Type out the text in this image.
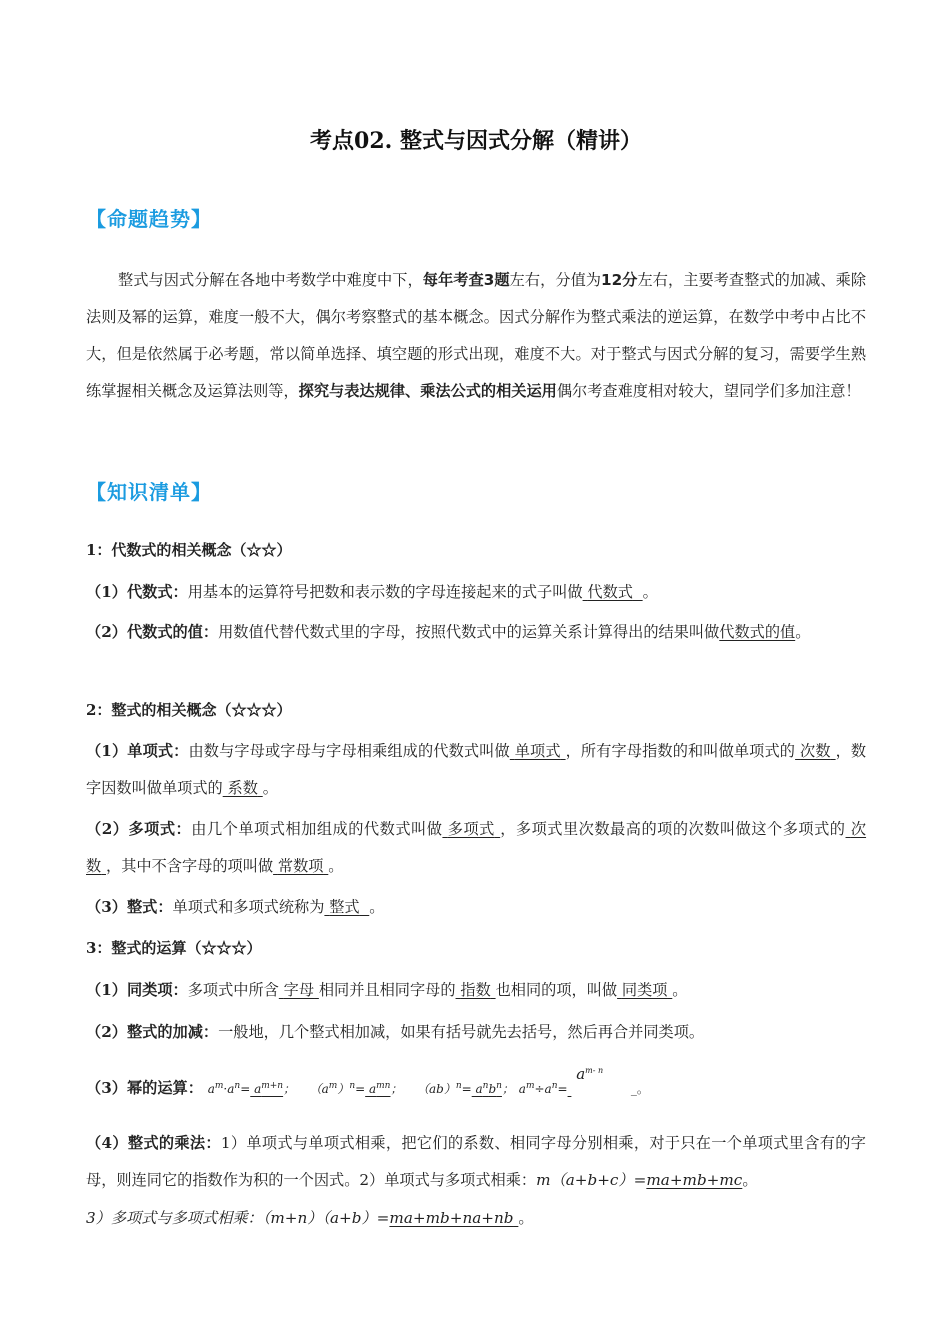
考点02. 整式与因式分解（精讲）
【命题趋势】
整式与因式分解在各地中考数学中难度中下，每年考查3题左右，分值为12分左右，主要考查整式的加减、乘除法则及幂的运算，难度一般不大，偶尔考察整式的基本概念。因式分解作为整式乘法的逆运算，在数学中考中占比不大，但是依然属于必考题，常以简单选择、填空题的形式出现，难度不大。对于整式与因式分解的复习，需要学生熟练掌握相关概念及运算法则等，探究与表达规律、乘法公式的相关运用偶尔考查难度相对较大，望同学们多加注意！
【知识清单】
1：代数式的相关概念（☆☆）
（1）代数式：用基本的运算符号把数和表示数的字母连接起来的式子叫做 代数式 。
（2）代数式的值：用数值代替代数式里的字母，按照代数式中的运算关系计算得出的结果叫做代数式的值。
2：整式的相关概念（☆☆☆）
（1）单项式：由数与字母或字母与字母相乘组成的代数式叫做 单项式 ，所有字母指数的和叫做单项式的 次数 ，数字因数叫做单项式的 系数 。
（2）多项式：由几个单项式相加组成的代数式叫做 多项式 ，多项式里次数最高的项的次数叫做这个多项式的 次数 ，其中不含字母的项叫做 常数项 。
（3）整式：单项式和多项式统称为 整式 。
3：整式的运算（☆☆☆）
（1）同类项：多项式中所含 字母 相同并且相同字母的 指数 也相同的项，叫做 同类项 。
（2）整式的加减：一般地，几个整式相加减，如果有括号就先去括号，然后再合并同类项。
（3）幂的运算： $a^m\cdot a^n= a^{m+n}$； $(a^m)^n= a^{mn}$； $(ab)^n= a^nb^n$； $a^m\div a^n= a^{m- n}$       _。
（4）整式的乘法：1）单项式与单项式相乘，把它们的系数、相同字母分别相乘，对于只在一个单项式里含有的字母，则连同它的指数作为积的一个因式。2）单项式与多项式相乘：m（a+b+c）=ma+mb+mc。
3）多项式与多项式相乘：（m+n）（a+b）=ma+mb+na+nb 。
